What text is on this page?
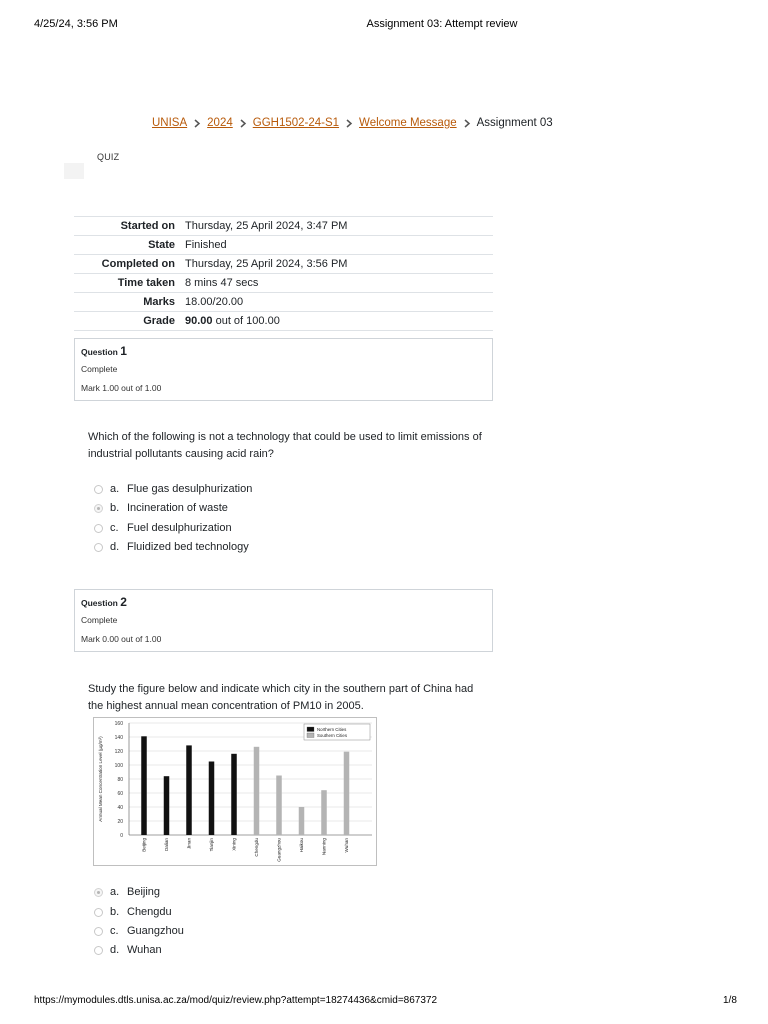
4/25/24, 3:56 PM	Assignment 03: Attempt review
UNISA 2024 GGH1502-24-S1 Welcome Message Assignment 03
QUIZ
Started on	Thursday, 25 April 2024, 3:47 PM
State	Finished
Completed on	Thursday, 25 April 2024, 3:56 PM
Time taken	8 mins 47 secs
Marks	18.00/20.00
Grade	90.00 out of 100.00
Question 1
Complete
Mark 1.00 out of 1.00
Which of the following is not a technology that could be used to limit emissions of industrial pollutants causing acid rain?
a. Flue gas desulphurization
b. Incineration of waste
c. Fuel desulphurization
d. Fluidized bed technology
Question 2
Complete
Mark 0.00 out of 1.00
Study the figure below and indicate which city in the southern part of China had the highest annual mean concentration of PM10 in 2005.
0
20
40
60
80
100
120
140
160
Annual Mean Concentration Level (µg/m³)
Beijing	Dalian	Jinan	Tianjin	Xining	Chengdu	Guangzhou	Haikou	Nanning	Wuhan
Northern Cities
Southern Cities
a. Beijing
b. Chengdu
c. Guangzhou
d. Wuhan
https://mymodules.dtls.unisa.ac.za/mod/quiz/review.php?attempt=18274436&cmid=867372	1/8
